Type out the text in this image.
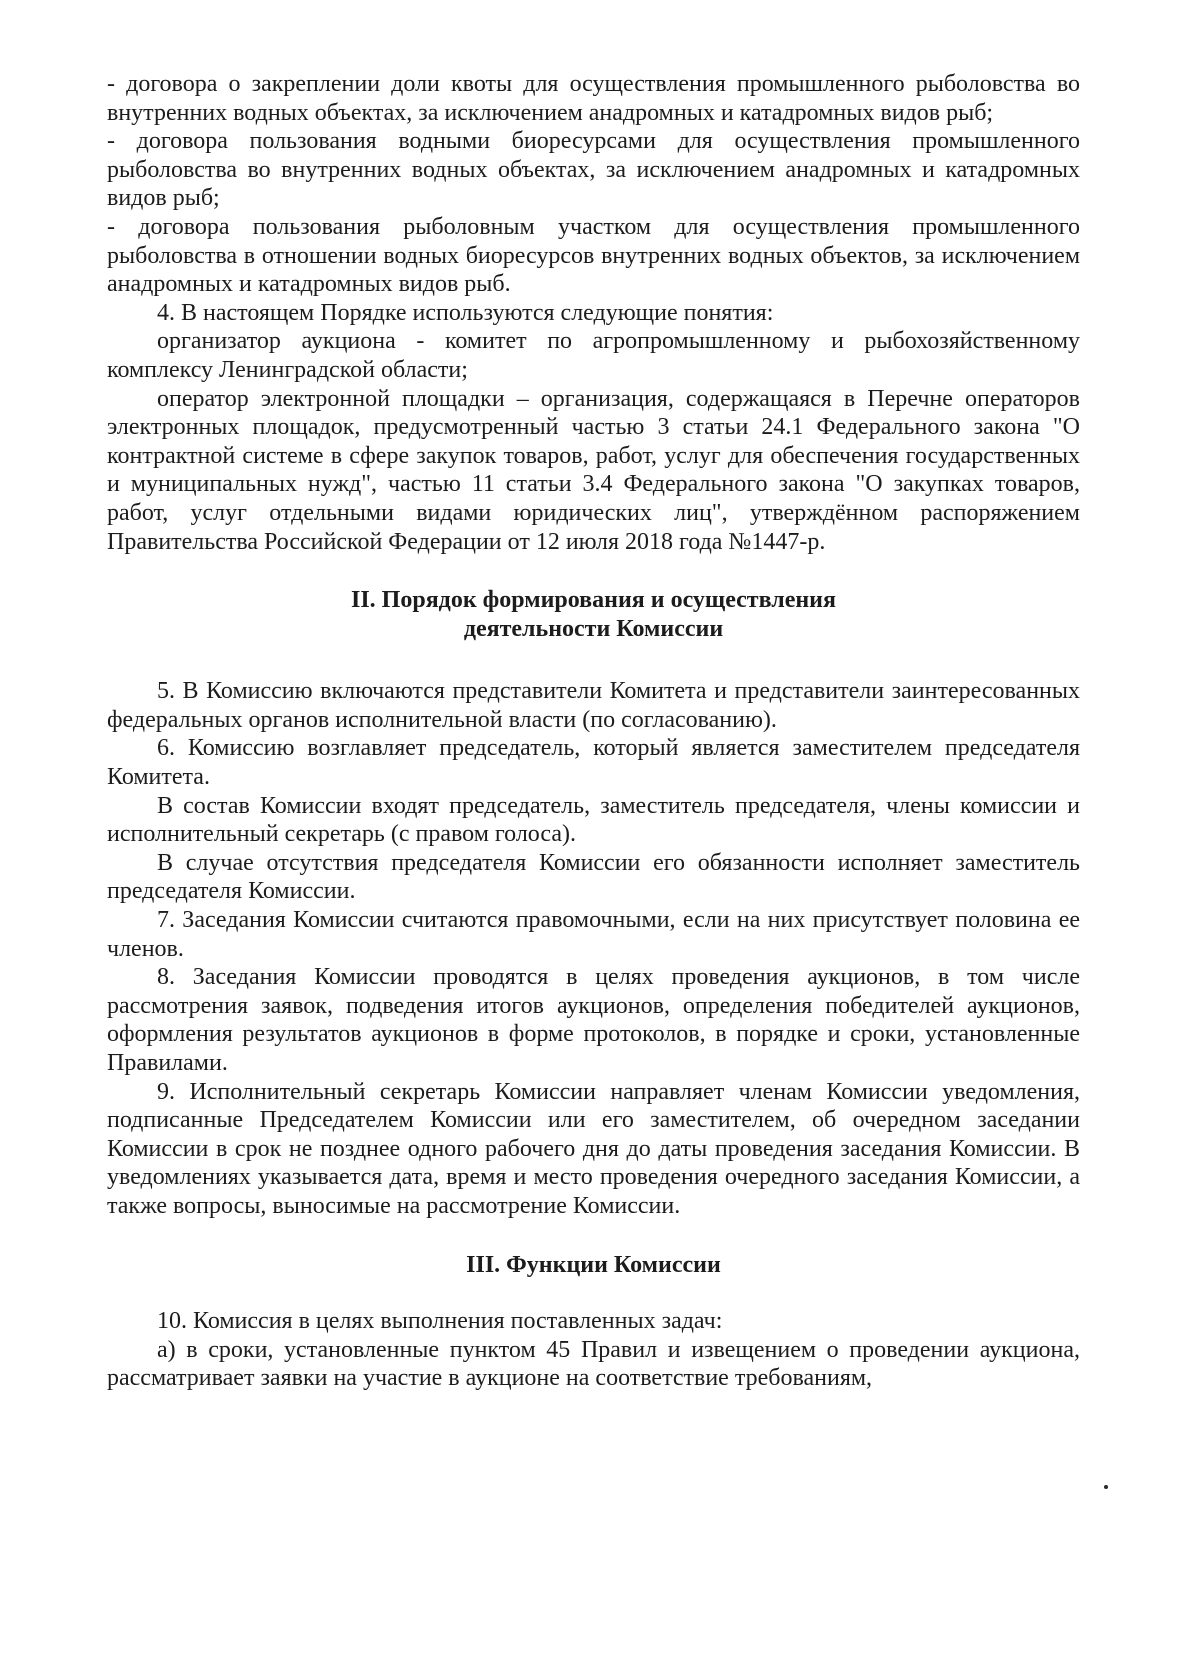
- договора о закреплении доли квоты для осуществления промышленного рыболовства во внутренних водных объектах, за исключением анадромных и катадромных видов рыб;

- договора пользования водными биоресурсами для осуществления промышленного рыболовства во внутренних водных объектах, за исключением анадромных и катадромных видов рыб;

- договора пользования рыболовным участком для осуществления промышленного рыболовства в отношении водных биоресурсов внутренних водных объектов, за исключением анадромных и катадромных видов рыб.

4. В настоящем Порядке используются следующие понятия:

организатор аукциона - комитет по агропромышленному и рыбохозяйственному комплексу Ленинградской области;

оператор электронной площадки – организация, содержащаяся в Перечне операторов электронных площадок, предусмотренный частью 3 статьи 24.1 Федерального закона "О контрактной системе в сфере закупок товаров, работ, услуг для обеспечения государственных и муниципальных нужд", частью 11 статьи 3.4 Федерального закона "О закупках товаров, работ, услуг отдельными видами юридических лиц", утверждённом распоряжением Правительства Российской Федерации от 12 июля 2018 года №1447-р.

II. Порядок формирования и осуществления
деятельности Комиссии

5. В Комиссию включаются представители Комитета и представители заинтересованных федеральных органов исполнительной власти (по согласованию).

6. Комиссию возглавляет председатель, который является заместителем председателя Комитета.

В состав Комиссии входят председатель, заместитель председателя, члены комиссии и исполнительный секретарь (с правом голоса).

В случае отсутствия председателя Комиссии его обязанности исполняет заместитель председателя Комиссии.

7. Заседания Комиссии считаются правомочными, если на них присутствует половина ее членов.

8. Заседания Комиссии проводятся в целях проведения аукционов, в том числе рассмотрения заявок, подведения итогов аукционов, определения победителей аукционов, оформления результатов аукционов в форме протоколов, в порядке и сроки, установленные Правилами.

9. Исполнительный секретарь Комиссии направляет членам Комиссии уведомления, подписанные Председателем Комиссии или его заместителем, об очередном заседании Комиссии в срок не позднее одного рабочего дня до даты проведения заседания Комиссии. В уведомлениях указывается дата, время и место проведения очередного заседания Комиссии, а также вопросы, выносимые на рассмотрение Комиссии.

III. Функции Комиссии

10. Комиссия в целях выполнения поставленных задач:

а) в сроки, установленные пунктом 45 Правил и извещением о проведении аукциона, рассматривает заявки на участие в аукционе на соответствие требованиям,
